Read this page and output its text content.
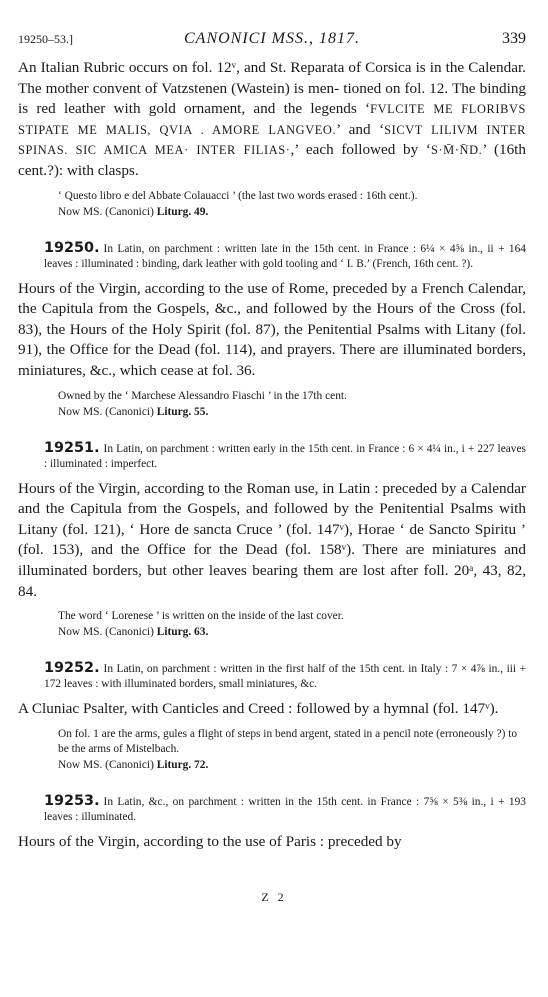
19250–53.]	CANONICI MSS., 1817.	339

An Italian Rubric occurs on fol. 12ᵛ, and St. Reparata of Corsica is in the Calendar. The mother convent of Vatzstenen (Wastein) is men- tioned on fol. 12. The binding is red leather with gold ornament, and the legends ‘FVLCITE ME FLORIBVS STIPATE ME MALIS, QVIA . AMORE LANGVEO.’ and ‘SICVT LILIVM INTER SPINAS. SIC AMICA MEA· INTER FILIAS·,’ each followed by ‘S·M̄·N̄D.’ (16th cent.?): with clasps.

‘ Questo libro e del Abbate Colauacci ’ (the last two words erased : 16th cent.).
Now MS. (Canonici) Liturg. 49.
19250. In Latin, on parchment : written late in the 15th cent. in France : 6¼ × 4⅝ in., ii + 164 leaves : illuminated : binding, dark leather with gold tooling and ‘ I. B.’ (French, 16th cent. ?).

Hours of the Virgin, according to the use of Rome, preceded by a French Calendar, the Capitula from the Gospels, &c., and followed by the Hours of the Cross (fol. 83), the Hours of the Holy Spirit (fol. 87), the Penitential Psalms with Litany (fol. 91), the Office for the Dead (fol. 114), and prayers. There are illuminated borders, miniatures, &c., which cease at fol. 36.

Owned by the ‘ Marchese Alessandro Fiaschi ’ in the 17th cent.
Now MS. (Canonici) Liturg. 55.
19251. In Latin, on parchment : written early in the 15th cent. in France : 6 × 4¼ in., i + 227 leaves : illuminated : imperfect.

Hours of the Virgin, according to the Roman use, in Latin : preceded by a Calendar and the Capitula from the Gospels, and followed by the Penitential Psalms with Litany (fol. 121), ‘ Hore de sancta Cruce ’ (fol. 147ᵛ), Horae ‘ de Sancto Spiritu ’ (fol. 153), and the Office for the Dead (fol. 158ᵛ). There are miniatures and illuminated borders, but other leaves bearing them are lost after foll. 20ᵃ, 43, 82, 84.

The word ‘ Lorenese ’ is written on the inside of the last cover.
Now MS. (Canonici) Liturg. 63.
19252. In Latin, on parchment : written in the first half of the 15th cent. in Italy : 7 × 4⅞ in., iii + 172 leaves : with illuminated borders, small miniatures, &c.

A Cluniac Psalter, with Canticles and Creed : followed by a hymnal (fol. 147ᵛ).

On fol. 1 are the arms, gules a flight of steps in bend argent, stated in a pencil note (erroneously ?) to be the arms of Mistelbach.
Now MS. (Canonici) Liturg. 72.
19253. In Latin, &c., on parchment : written in the 15th cent. in France : 7⅝ × 5⅜ in., i + 193 leaves : illuminated.

Hours of the Virgin, according to the use of Paris : preceded by

Z 2
